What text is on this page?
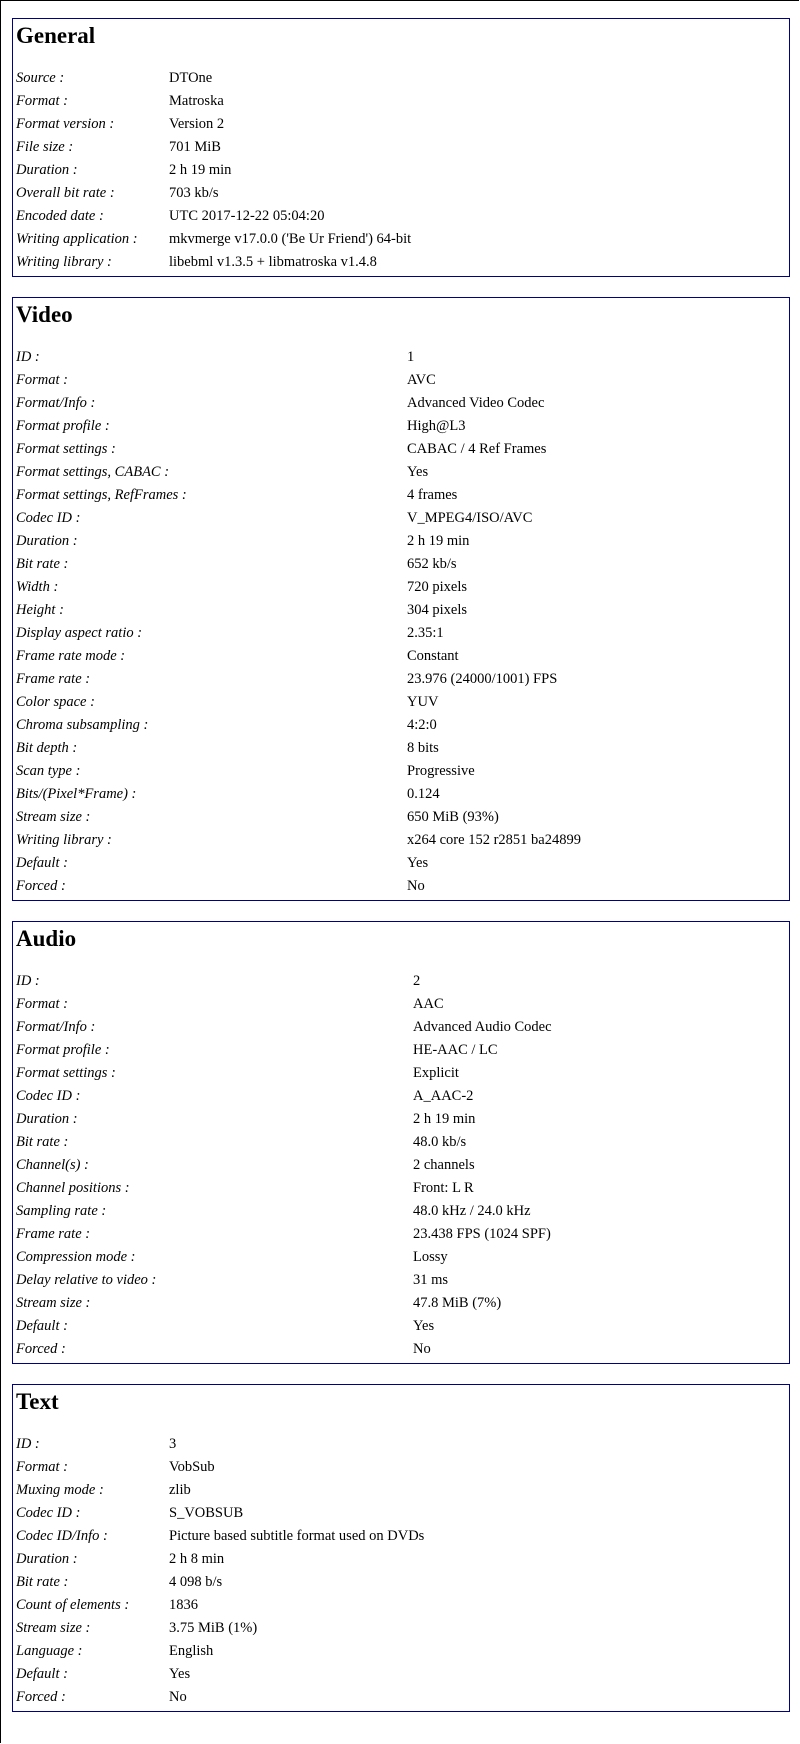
General
Source :	DTOne
Format :	Matroska
Format version :	Version 2
File size :	701 MiB
Duration :	2 h 19 min
Overall bit rate :	703 kb/s
Encoded date :	UTC 2017-12-22 05:04:20
Writing application :	mkvmerge v17.0.0 ('Be Ur Friend') 64-bit
Writing library :	libebml v1.3.5 + libmatroska v1.4.8
Video
ID :	1
Format :	AVC
Format/Info :	Advanced Video Codec
Format profile :	High@L3
Format settings :	CABAC / 4 Ref Frames
Format settings, CABAC :	Yes
Format settings, RefFrames :	4 frames
Codec ID :	V_MPEG4/ISO/AVC
Duration :	2 h 19 min
Bit rate :	652 kb/s
Width :	720 pixels
Height :	304 pixels
Display aspect ratio :	2.35:1
Frame rate mode :	Constant
Frame rate :	23.976 (24000/1001) FPS
Color space :	YUV
Chroma subsampling :	4:2:0
Bit depth :	8 bits
Scan type :	Progressive
Bits/(Pixel*Frame) :	0.124
Stream size :	650 MiB (93%)
Writing library :	x264 core 152 r2851 ba24899
Default :	Yes
Forced :	No
Audio
ID :	2
Format :	AAC
Format/Info :	Advanced Audio Codec
Format profile :	HE-AAC / LC
Format settings :	Explicit
Codec ID :	A_AAC-2
Duration :	2 h 19 min
Bit rate :	48.0 kb/s
Channel(s) :	2 channels
Channel positions :	Front: L R
Sampling rate :	48.0 kHz / 24.0 kHz
Frame rate :	23.438 FPS (1024 SPF)
Compression mode :	Lossy
Delay relative to video :	31 ms
Stream size :	47.8 MiB (7%)
Default :	Yes
Forced :	No
Text
ID :	3
Format :	VobSub
Muxing mode :	zlib
Codec ID :	S_VOBSUB
Codec ID/Info :	Picture based subtitle format used on DVDs
Duration :	2 h 8 min
Bit rate :	4 098 b/s
Count of elements :	1836
Stream size :	3.75 MiB (1%)
Language :	English
Default :	Yes
Forced :	No
